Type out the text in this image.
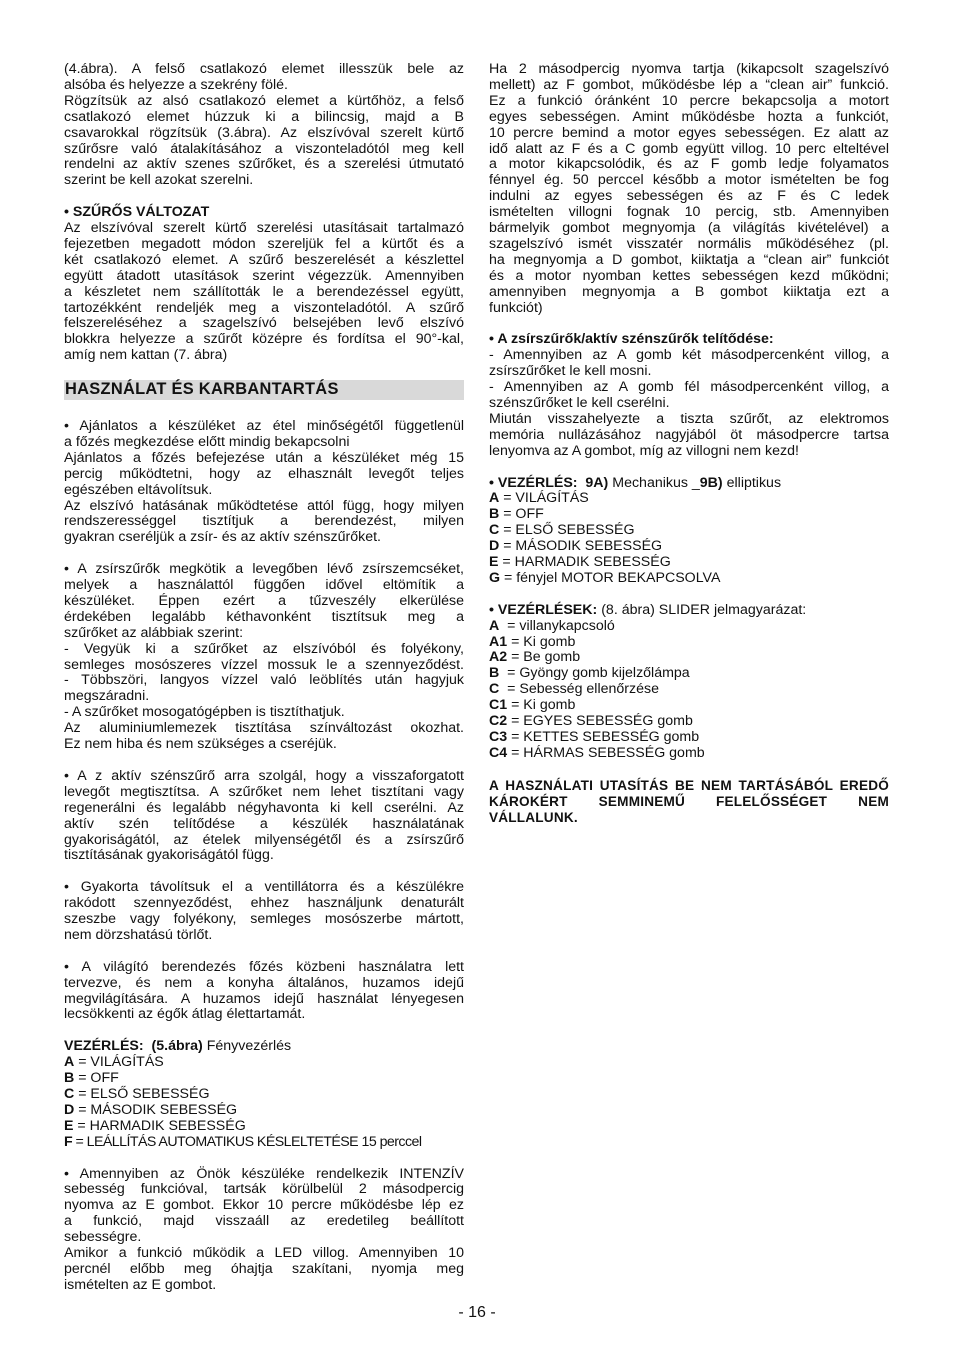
(4.ábra). A felső csatlakozó elemet illesszük bele az
alsóba és helyezze a szekrény fölé.
Rögzítsük az alsó csatlakozó elemet a kürtőhöz, a felső
csatlakozó elemet húzzuk ki a bilincsig, majd a B
csavarokkal rögzítsük (3.ábra). Az elszívóval szerelt kürtő
szűrősre való átalakításához a viszonteladótól meg kell
rendelni az aktív szenes szűrőket, és a szerelési útmutató
szerint be kell azokat szerelni.
• SZŰRŐS VÁLTOZAT
Az elszívóval szerelt kürtő szerelési utasításait tartalmazó
fejezetben megadott módon szereljük fel a kürtőt és a
két csatlakozó elemet. A szűrő beszerelését a készlettel
együtt átadott utasítások szerint végezzük. Amennyiben
a készletet nem szállították le a berendezéssel együtt,
tartozékként rendeljék meg a viszonteladótól. A szűrő
felszereléséhez a szagelszívó belsejében levő elszívó
blokkra helyezze a szűrőt középre és fordítsa el 90°-kal,
amíg nem kattan (7. ábra)
HASZNÁLAT ÉS KARBANTARTÁS
• Ajánlatos a készüléket az étel minőségétől függetlenül
a főzés megkezdése előtt mindig bekapcsolni
Ajánlatos a főzés befejezése után a készüléket még 15
percig működtetni, hogy az elhasznált levegőt teljes
egészében eltávolítsuk.
Az elszívó hatás​ának működtetése attól függ, hogy milyen
rendszerességgel tisztítjuk a berendezést, milyen
gyakran cseréljük a zsír- és az aktív szénszűrőket.
• A zsírszűrők megkötik a levegőben lévő zsírszemcséket,
melyek a használattól függően idővel eltömítik a
készüléket. Éppen ezért a tűzveszély elkerülése
érdekében legalább kéthavonként tisztítsuk meg a
szűrőket az alábbiak szerint:
- Vegyük ki a szűrőket az elszívóból és folyékony,
semleges mosószeres vízzel mossuk le a szennyeződést.
- Többszöri, langyos vízzel való leöblítés után hagyjuk
megszáradni.
- A szűrőket mosogatógépben is tisztíthatjuk.
Az aluminiumlemezek tisztítása színváltozást okozhat.
Ez nem hiba és nem szükséges a cseréjük.
• A z aktív szénszűrő arra szolgál, hogy a visszaforgatott
levegőt megtisztítsa. A szűrőket nem lehet tisztítani vagy
regenerálni és legalább négyhavonta ki kell cserélni. Az
aktív szén telítődése a készülék használatának
gyakoriságától, az ételek milyenségétől és a zsírszűrő
tisztításának gyakoriságától függ.
• Gyakorta távolítsuk el a ventillátorra és a készülékre
rakódott szennyeződést, ehhez használjunk denaturált
szeszbe vagy folyékony, semleges mosószerbe mártott,
nem dörzshatású törlőt.
• A világító berendezés főzés közbeni használatra lett
tervezve, és nem a konyha általános, huzamos idejű
megvilágítására. A huzamos idejű használat lényegesen
lecsökkenti az égők átlag élettartamát.
VEZÉRLÉS: (5.ábra) Fényvezérlés
A = VILÁGÍTÁS
B = OFF
C = ELSŐ SEBESSÉG
D = MÁSODIK SEBESSÉG
E = HARMADIK SEBESSÉG
F = LEÁLLÍTÁS AUTOMATIKUS KÉSLELTETÉSE 15 perccel
• Amennyiben az Önök készüléke rendelkezik INTENZÍV
sebesség funkcióval, tartsák körülbelül 2 másodpercig
nyomva az E gombot. Ekkor 10 percre működésbe lép ez
a funkció, majd visszaáll az eredetileg beállított
sebességre.
Amikor a funkció működik a LED villog. Amennyiben 10
percnél előbb meg óhajtja szakítani, nyomja meg
ismételten az E gombot.
Ha 2 másodpercig nyomva tartja (kikapcsolt szagelszívó
mellett) az F gombot, működésbe lép a “clean air” funkció.
Ez a funkció óránként 10 percre bekapcsolja a motort
egyes sebességen. Amint működésbe hozta a funkciót,
10 percre bemind a motor egyes sebességen. Ez alatt az
idő alatt az F és a C gomb együtt villog. 10 perc elteltével
a motor kikapcsolódik, és az F gomb ledje folyamatos
fénnyel ég. 50 perccel később a motor ismételten be fog
indulni az egyes sebességen és az F és C ledek
ismételten villogni fognak 10 percig, stb. Amennyiben
bármelyik gombot megnyomja (a világítás kivételével) a
szagelszívó ismét visszatér normális működéséhez (pl.
ha megnyomja a D gombot, kiiktatja a “clean air” funkciót
és a motor nyomban kettes sebességen kezd működni;
amennyiben megnyomja a B gombot kiiktatja ezt a
funkciót)
• A zsírszűrők/aktív szénszűrők telítődése:
- Amennyiben az A gomb két másodpercenként villog, a
zsírszűrőket le kell mosni.
- Amennyiben az A gomb fél másodpercenként villog, a
szénszűrőket le kell cserélni.
Miután visszahelyezte a tiszta szűrőt, az elektromos
memória nullázásához nagyjából öt másodpercre tartsa
lenyomva az A gombot, míg az villogni nem kezd!
• VEZÉRLÉS: 9A) Mechanikus _9B) elliptikus
A = VILÁGÍTÁS
B = OFF
C = ELSŐ SEBESSÉG
D = MÁSODIK SEBESSÉG
E = HARMADIK SEBESSÉG
G = fényjel MOTOR BEKAPCSOLVA
• VEZÉRLÉSEK: (8. ábra) SLIDER jelmagyarázat:
A  = villanykapcsoló
A1 = Ki gomb
A2 = Be gomb
B  = Gyöngy gomb kijelzőlámpa
C  = Sebesség ellenőrzése
C1 = Ki gomb
C2 = EGYES SEBESSÉG gomb
C3 = KETTES SEBESSÉG gomb
C4 = HÁRMAS SEBESSÉG gomb
A HASZNÁLATI UTASÍTÁS BE NEM TARTÁSÁBÓL EREDŐ
KÁROKÉRT SEMMINEMŰ FELELŐSSÉGET NEM
VÁLLALUNK.
- 16 -
